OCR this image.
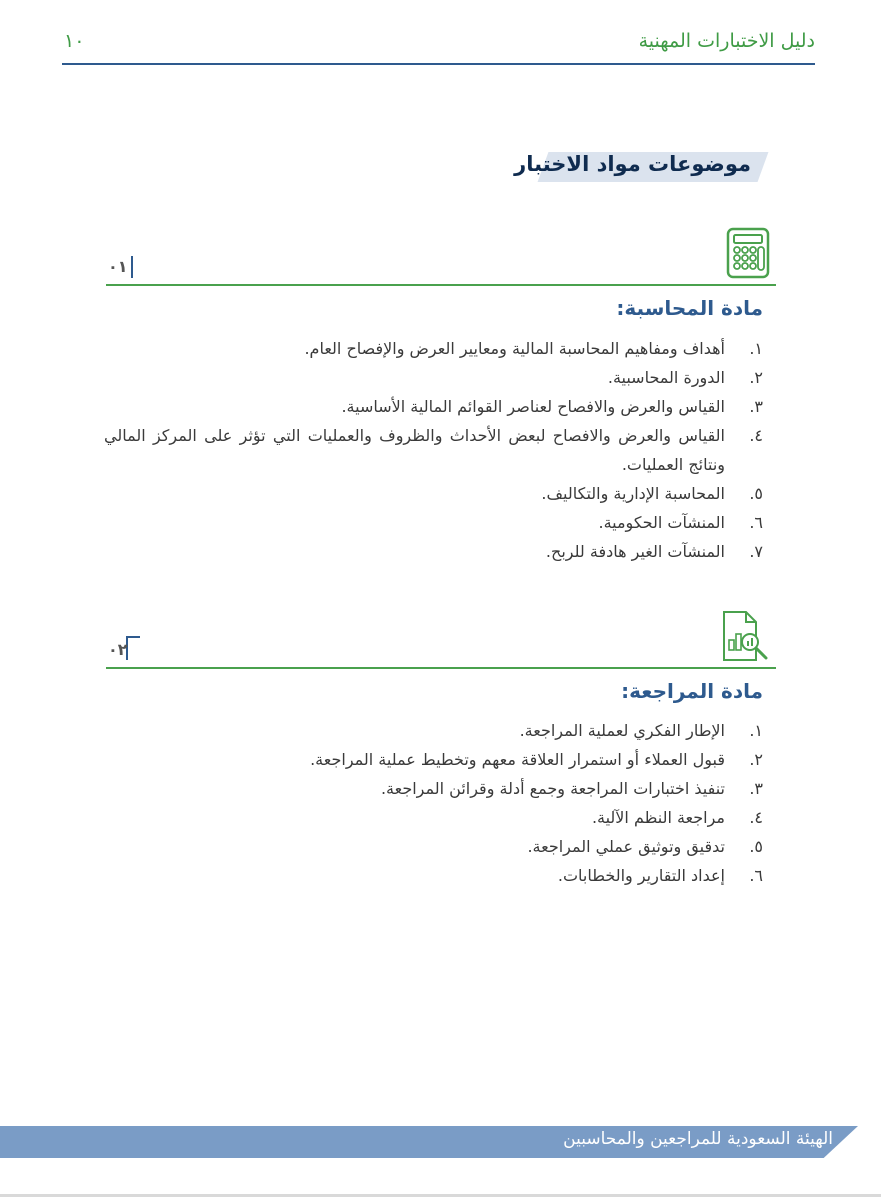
دليل الاختبارات المهنية
١٠
موضوعات مواد الاختبار
٠١
مادة المحاسبة:
١.
أهداف ومفاهيم المحاسبة المالية ومعايير العرض والإفصاح العام.
٢.
الدورة المحاسبية.
٣.
القياس والعرض والافصاح لعناصر القوائم المالية الأساسية.
٤.
القياس والعرض والافصاح لبعض الأحداث والظروف والعمليات التي تؤثر على المركز المالي ونتائج العمليات.
٥.
المحاسبة الإدارية والتكاليف.
٦.
المنشآت الحكومية.
٧.
المنشآت الغير هادفة للربح.
٠٢
مادة المراجعة:
١.
الإطار الفكري لعملية المراجعة.
٢.
قبول العملاء أو استمرار العلاقة معهم وتخطيط عملية المراجعة.
٣.
تنفيذ اختبارات المراجعة وجمع أدلة وقرائن المراجعة.
٤.
مراجعة النظم الآلية.
٥.
تدقيق وتوثيق عملي المراجعة.
٦.
إعداد التقارير والخطابات.
الهيئة السعودية للمراجعين والمحاسبين
